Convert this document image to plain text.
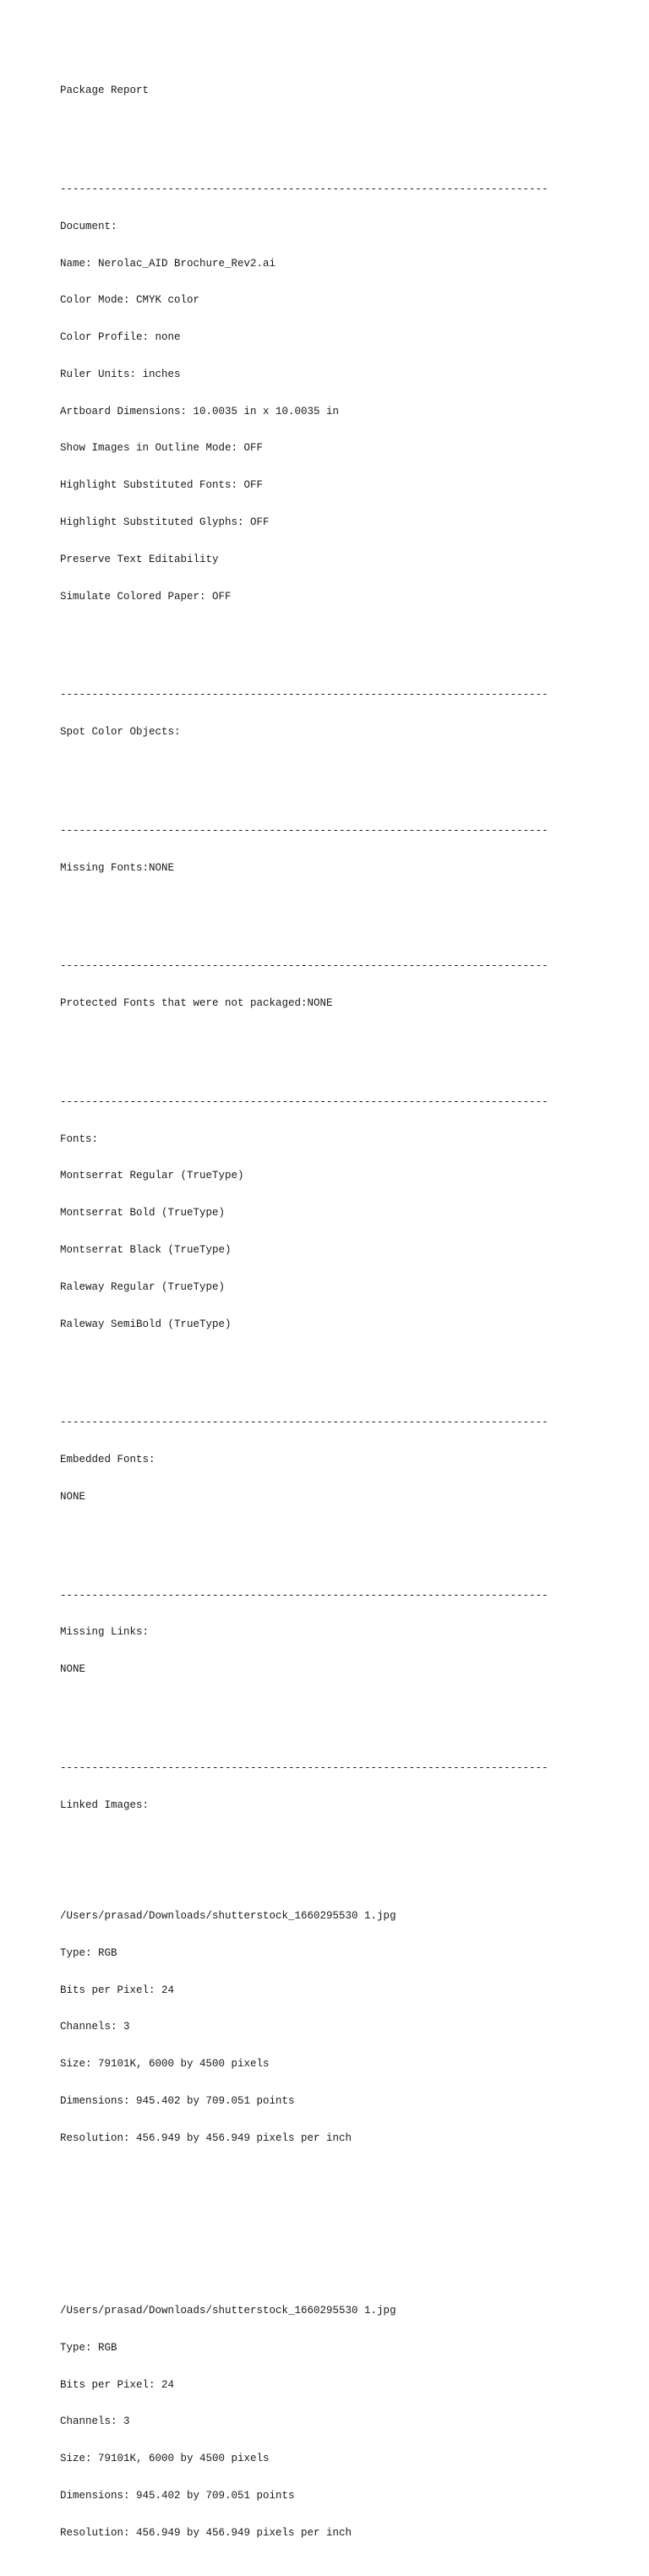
Package Report

-----------------------------------------------------------------------------

Document:

Name: Nerolac_AID Brochure_Rev2.ai

Color Mode: CMYK color

Color Profile: none

Ruler Units: inches

Artboard Dimensions: 10.0035 in x 10.0035 in

Show Images in Outline Mode: OFF

Highlight Substituted Fonts: OFF

Highlight Substituted Glyphs: OFF

Preserve Text Editability

Simulate Colored Paper: OFF

-----------------------------------------------------------------------------

Spot Color Objects:

-----------------------------------------------------------------------------

Missing Fonts:NONE

-----------------------------------------------------------------------------

Protected Fonts that were not packaged:NONE

-----------------------------------------------------------------------------

Fonts:

Montserrat Regular (TrueType)

Montserrat Bold (TrueType)

Montserrat Black (TrueType)

Raleway Regular (TrueType)

Raleway SemiBold (TrueType)

-----------------------------------------------------------------------------

Embedded Fonts:

NONE

-----------------------------------------------------------------------------

Missing Links:

NONE

-----------------------------------------------------------------------------

Linked Images:

/Users/prasad/Downloads/shutterstock_1660295530 1.jpg

Type: RGB

Bits per Pixel: 24

Channels: 3

Size: 79101K, 6000 by 4500 pixels

Dimensions: 945.402 by 709.051 points

Resolution: 456.949 by 456.949 pixels per inch

/Users/prasad/Downloads/shutterstock_1660295530 1.jpg

Type: RGB

Bits per Pixel: 24

Channels: 3

Size: 79101K, 6000 by 4500 pixels

Dimensions: 945.402 by 709.051 points

Resolution: 456.949 by 456.949 pixels per inch
